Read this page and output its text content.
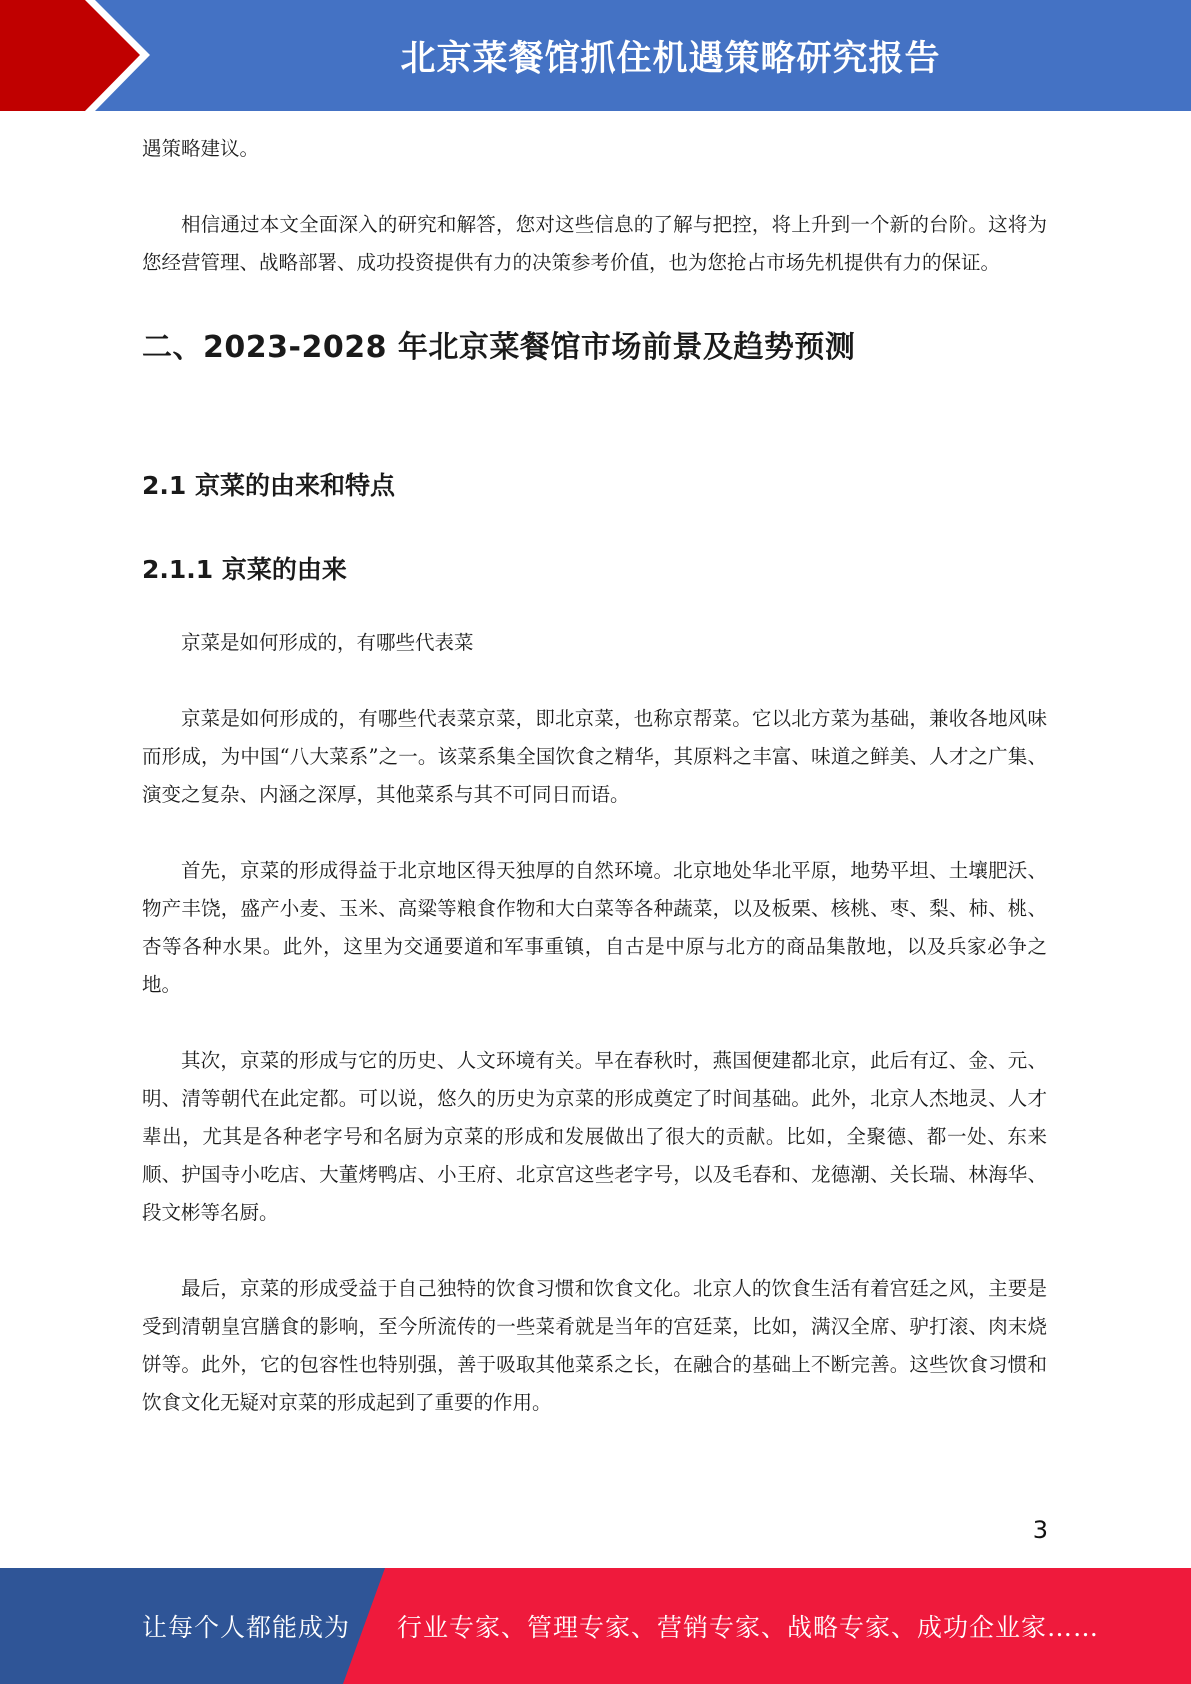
北京菜餐馆抓住机遇策略研究报告

遇策略建议。

相信通过本文全面深入的研究和解答，您对这些信息的了解与把控，将上升到一个新的台阶。这将为您经营管理、战略部署、成功投资提供有力的决策参考价值，也为您抢占市场先机提供有力的保证。

二、2023-2028 年北京菜餐馆市场前景及趋势预测
2.1 京菜的由来和特点
2.1.1 京菜的由来

京菜是如何形成的，有哪些代表菜

京菜是如何形成的，有哪些代表菜京菜，即北京菜，也称京帮菜。它以北方菜为基础，兼收各地风味而形成，为中国“八大菜系”之一。该菜系集全国饮食之精华，其原料之丰富、味道之鲜美、人才之广集、演变之复杂、内涵之深厚，其他菜系与其不可同日而语。

首先，京菜的形成得益于北京地区得天独厚的自然环境。北京地处华北平原，地势平坦、土壤肥沃、物产丰饶，盛产小麦、玉米、高粱等粮食作物和大白菜等各种蔬菜，以及板栗、核桃、枣、梨、柿、桃、杏等各种水果。此外，这里为交通要道和军事重镇，自古是中原与北方的商品集散地，以及兵家必争之地。

其次，京菜的形成与它的历史、人文环境有关。早在春秋时，燕国便建都北京，此后有辽、金、元、明、清等朝代在此定都。可以说，悠久的历史为京菜的形成奠定了时间基础。此外，北京人杰地灵、人才辈出，尤其是各种老字号和名厨为京菜的形成和发展做出了很大的贡献。比如，全聚德、都一处、东来顺、护国寺小吃店、大董烤鸭店、小王府、北京宫这些老字号，以及毛春和、龙德潮、关长瑞、林海华、段文彬等名厨。

最后，京菜的形成受益于自己独特的饮食习惯和饮食文化。北京人的饮食生活有着宫廷之风，主要是受到清朝皇宫膳食的影响，至今所流传的一些菜肴就是当年的宫廷菜，比如，满汉全席、驴打滚、肉末烧饼等。此外，它的包容性也特别强，善于吸取其他菜系之长，在融合的基础上不断完善。这些饮食习惯和饮食文化无疑对京菜的形成起到了重要的作用。

3
让每个人都能成为 行业专家、管理专家、营销专家、战略专家、成功企业家……
